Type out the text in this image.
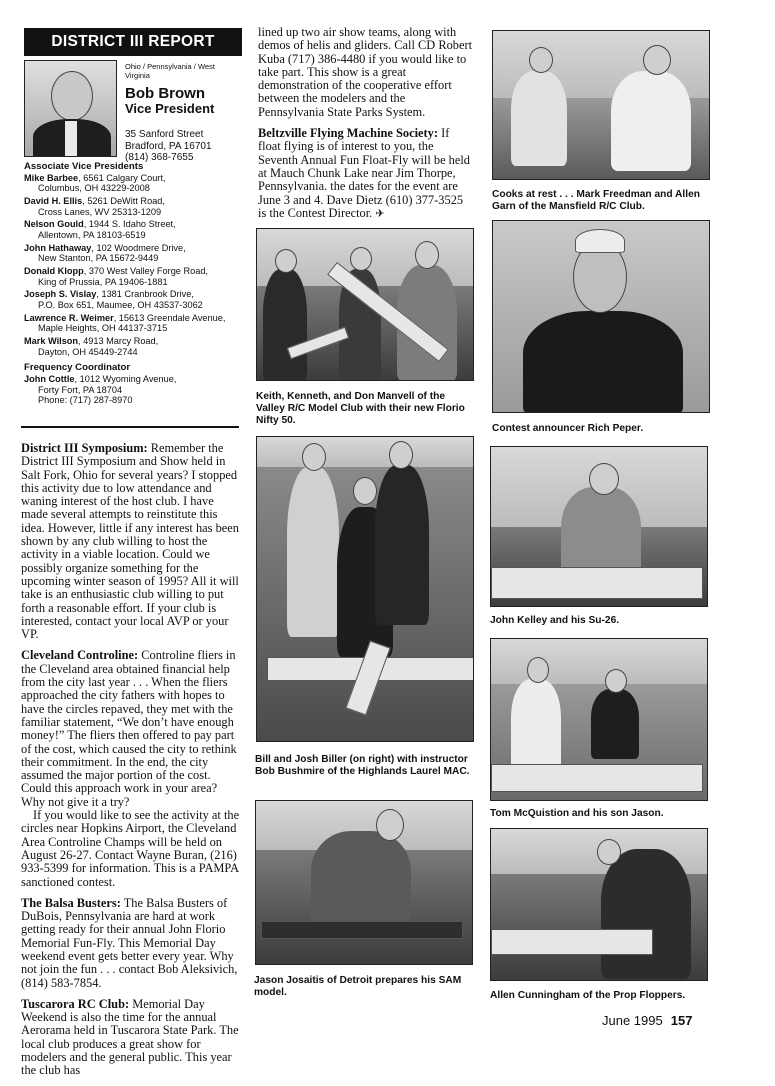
DISTRICT III REPORT
Ohio / Pennsylvania / West Virginia
Bob Brown
Vice President
35 Sanford Street
Bradford, PA 16701
(814) 368-7655
Associate Vice Presidents
Mike Barbee, 6561 Calgary Court,
Columbus, OH 43229-2008
David H. Ellis, 5261 DeWitt Road,
Cross Lanes, WV 25313-1209
Nelson Gould, 1944 S. Idaho Street,
Allentown, PA 18103-6519
John Hathaway, 102 Woodmere Drive,
New Stanton, PA 15672-9449
Donald Klopp, 370 West Valley Forge Road,
King of Prussia, PA 19406-1881
Joseph S. Vislay, 1381 Cranbrook Drive,
P.O. Box 651, Maumee, OH 43537-3062
Lawrence R. Weimer, 15613 Greendale Avenue,
Maple Heights, OH 44137-3715
Mark Wilson, 4913 Marcy Road,
Dayton, OH 45449-2744
Frequency Coordinator
John Cottle, 1012 Wyoming Avenue,
Forty Fort, PA 18704
Phone: (717) 287-8970

District III Symposium: Remember the District III Symposium and Show held in Salt Fork, Ohio for several years? I stopped this activity due to low attendance and waning interest of the host club. I have made several attempts to reinstitute this idea. However, little if any interest has been shown by any club willing to host the activity in a viable location. Could we possibly organize something for the upcoming winter season of 1995? All it will take is an enthusiastic club willing to put forth a reasonable effort. If your club is interested, contact your local AVP or your VP.

Cleveland Controline: Controline fliers in the Cleveland area obtained financial help from the city last year . . . When the fliers approached the city fathers with hopes to have the circles repaved, they met with the familiar statement, “We don’t have enough money!” The fliers then offered to pay part of the cost, which caused the city to rethink their commitment. In the end, the city assumed the major portion of the cost. Could this approach work in your area? Why not give it a try?

If you would like to see the activity at the circles near Hopkins Airport, the Cleveland Area Controline Champs will be held on August 26-27. Contact Wayne Buran, (216) 933-5399 for information. This is a PAMPA sanctioned contest.

The Balsa Busters: The Balsa Busters of DuBois, Pennsylvania are hard at work getting ready for their annual John Florio Memorial Fun-Fly. This Memorial Day weekend event gets better every year. Why not join the fun . . . contact Bob Aleksivich, (814) 583-7854.

Tuscarora RC Club: Memorial Day Weekend is also the time for the annual Aerorama held in Tuscarora State Park. The local club produces a great show for modelers and the general public. This year the club has

lined up two air show teams, along with demos of helis and gliders. Call CD Robert Kuba (717) 386-4480 if you would like to take part. This show is a great demonstration of the cooperative effort between the modelers and the Pennsylvania State Parks System.

Beltzville Flying Machine Society: If float flying is of interest to you, the Seventh Annual Fun Float-Fly will be held at Mauch Chunk Lake near Jim Thorpe, Pennsylvania. the dates for the event are June 3 and 4. Dave Dietz (610) 377-3525 is the Contest Director. ✈

Keith, Kenneth, and Don Manvell of the Valley R/C Model Club with their new Florio Nifty 50.
Bill and Josh Biller (on right) with instructor Bob Bushmire of the Highlands Laurel MAC.
Jason Josaitis of Detroit prepares his SAM model.
Cooks at rest . . . Mark Freedman and Allen Garn of the Mansfield R/C Club.
Contest announcer Rich Peper.
John Kelley and his Su-26.
Tom McQuistion and his son Jason.
Allen Cunningham of the Prop Floppers.
June 1995 157
